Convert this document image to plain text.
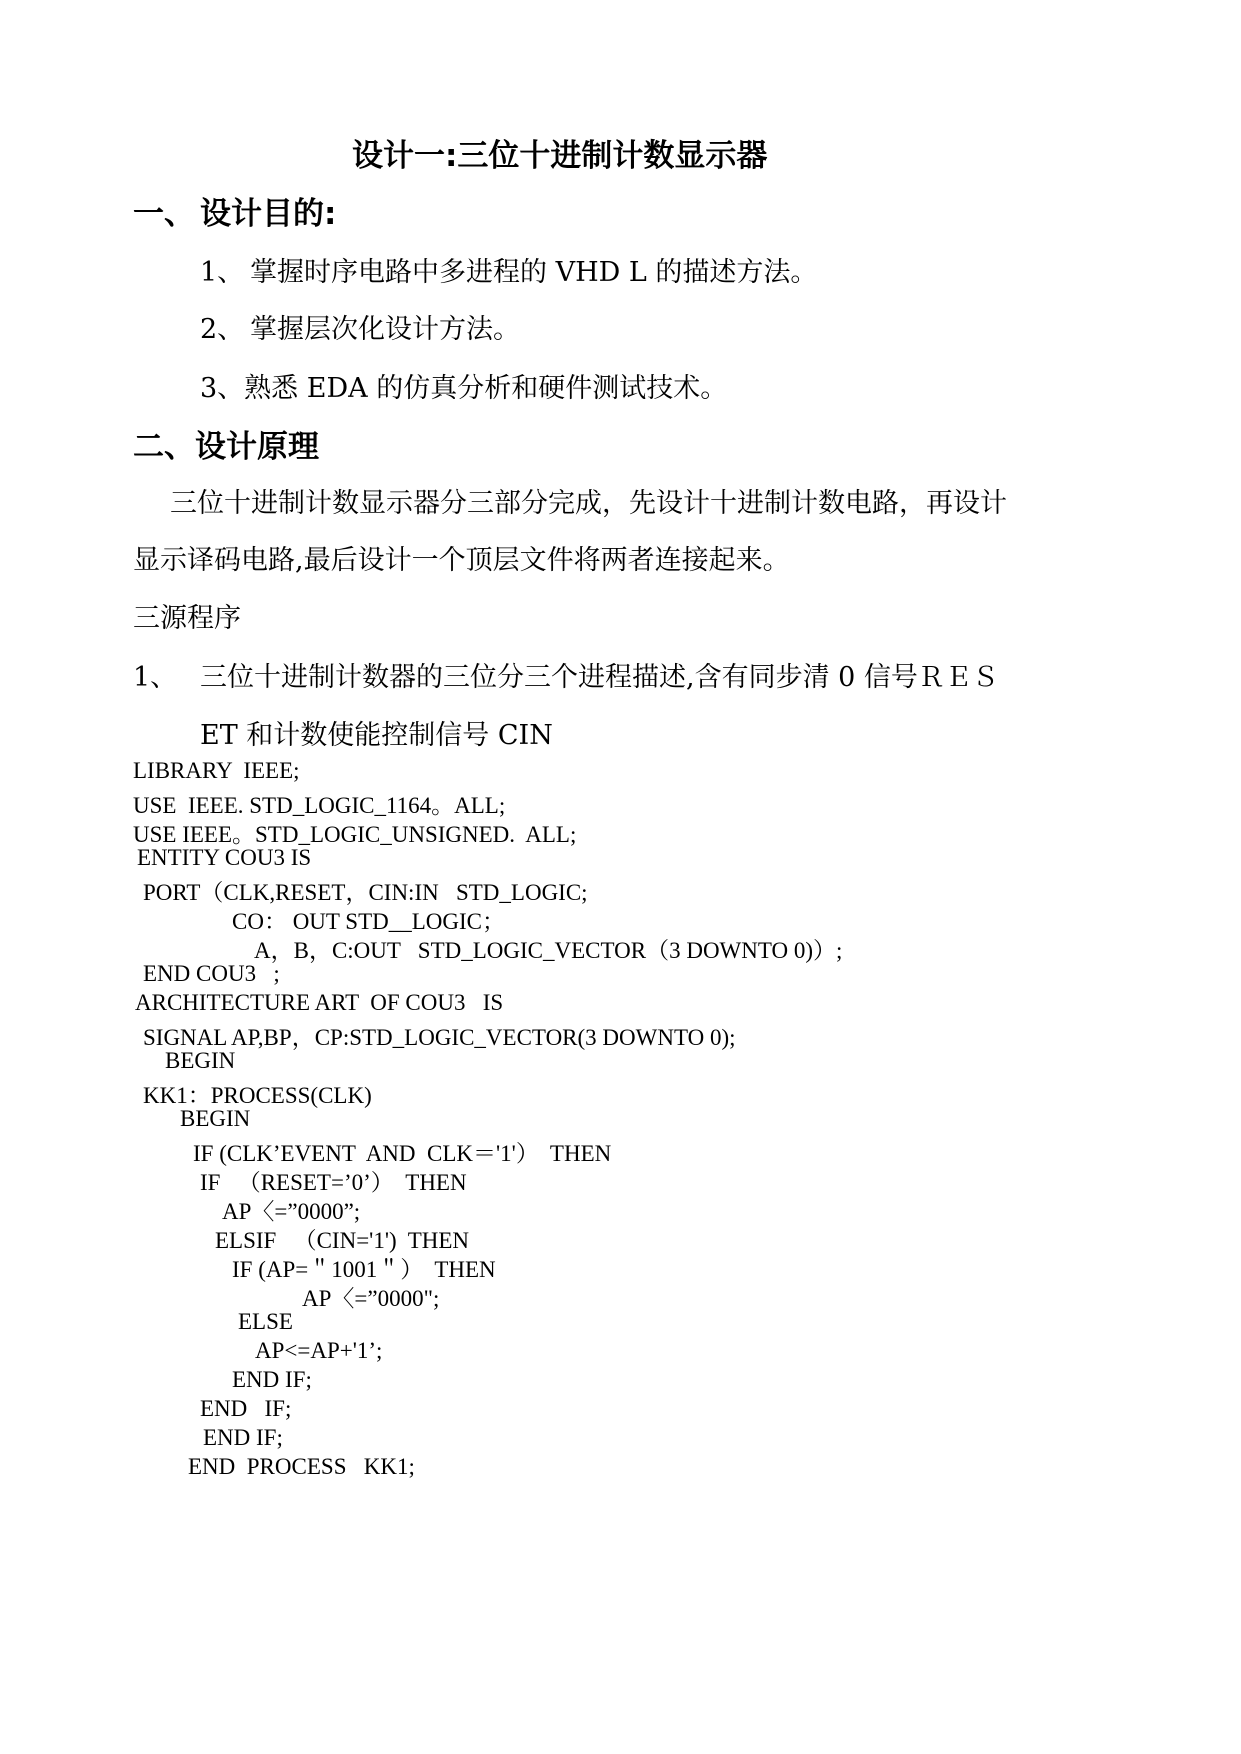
设计一:三位十进制计数显示器
一、 设计目的:
1、 掌握时序电路中多进程的 VHD L 的描述方法。
2、 掌握层次化设计方法。
3、熟悉 EDA 的仿真分析和硬件测试技术。
二、设计原理
三位十进制计数显示器分三部分完成，先设计十进制计数电路，再设计
显示译码电路,最后设计一个顶层文件将两者连接起来。
三源程序
1、 三位十进制计数器的三位分三个进程描述,含有同步清 0 信号ＲＥＳ
ET 和计数使能控制信号 CIN
LIBRARY  IEEE;
USE  IEEE. STD_LOGIC_1164。ALL;
USE IEEE。STD_LOGIC_UNSIGNED.  ALL;
ENTITY COU3 IS
PORT（CLK,RESET，CIN:IN   STD_LOGIC;
CO： OUT STD__LOGIC；
A，B，C:OUT   STD_LOGIC_VECTOR（3 DOWNTO 0)）;
END COU3   ;
ARCHITECTURE ART  OF COU3   IS
SIGNAL AP,BP，CP:STD_LOGIC_VECTOR(3 DOWNTO 0);
BEGIN
KK1：PROCESS(CLK)
BEGIN
IF (CLK’EVENT  AND  CLK＝'1'）  THEN
IF   （RESET=’0’）  THEN
AP〈=”0000”;
ELSIF   （CIN='1')  THEN
IF (AP=＂1001＂）  THEN
AP〈=”0000";
ELSE
AP<=AP+'1’;
END IF;
END   IF;
END IF;
END  PROCESS   KK1;
